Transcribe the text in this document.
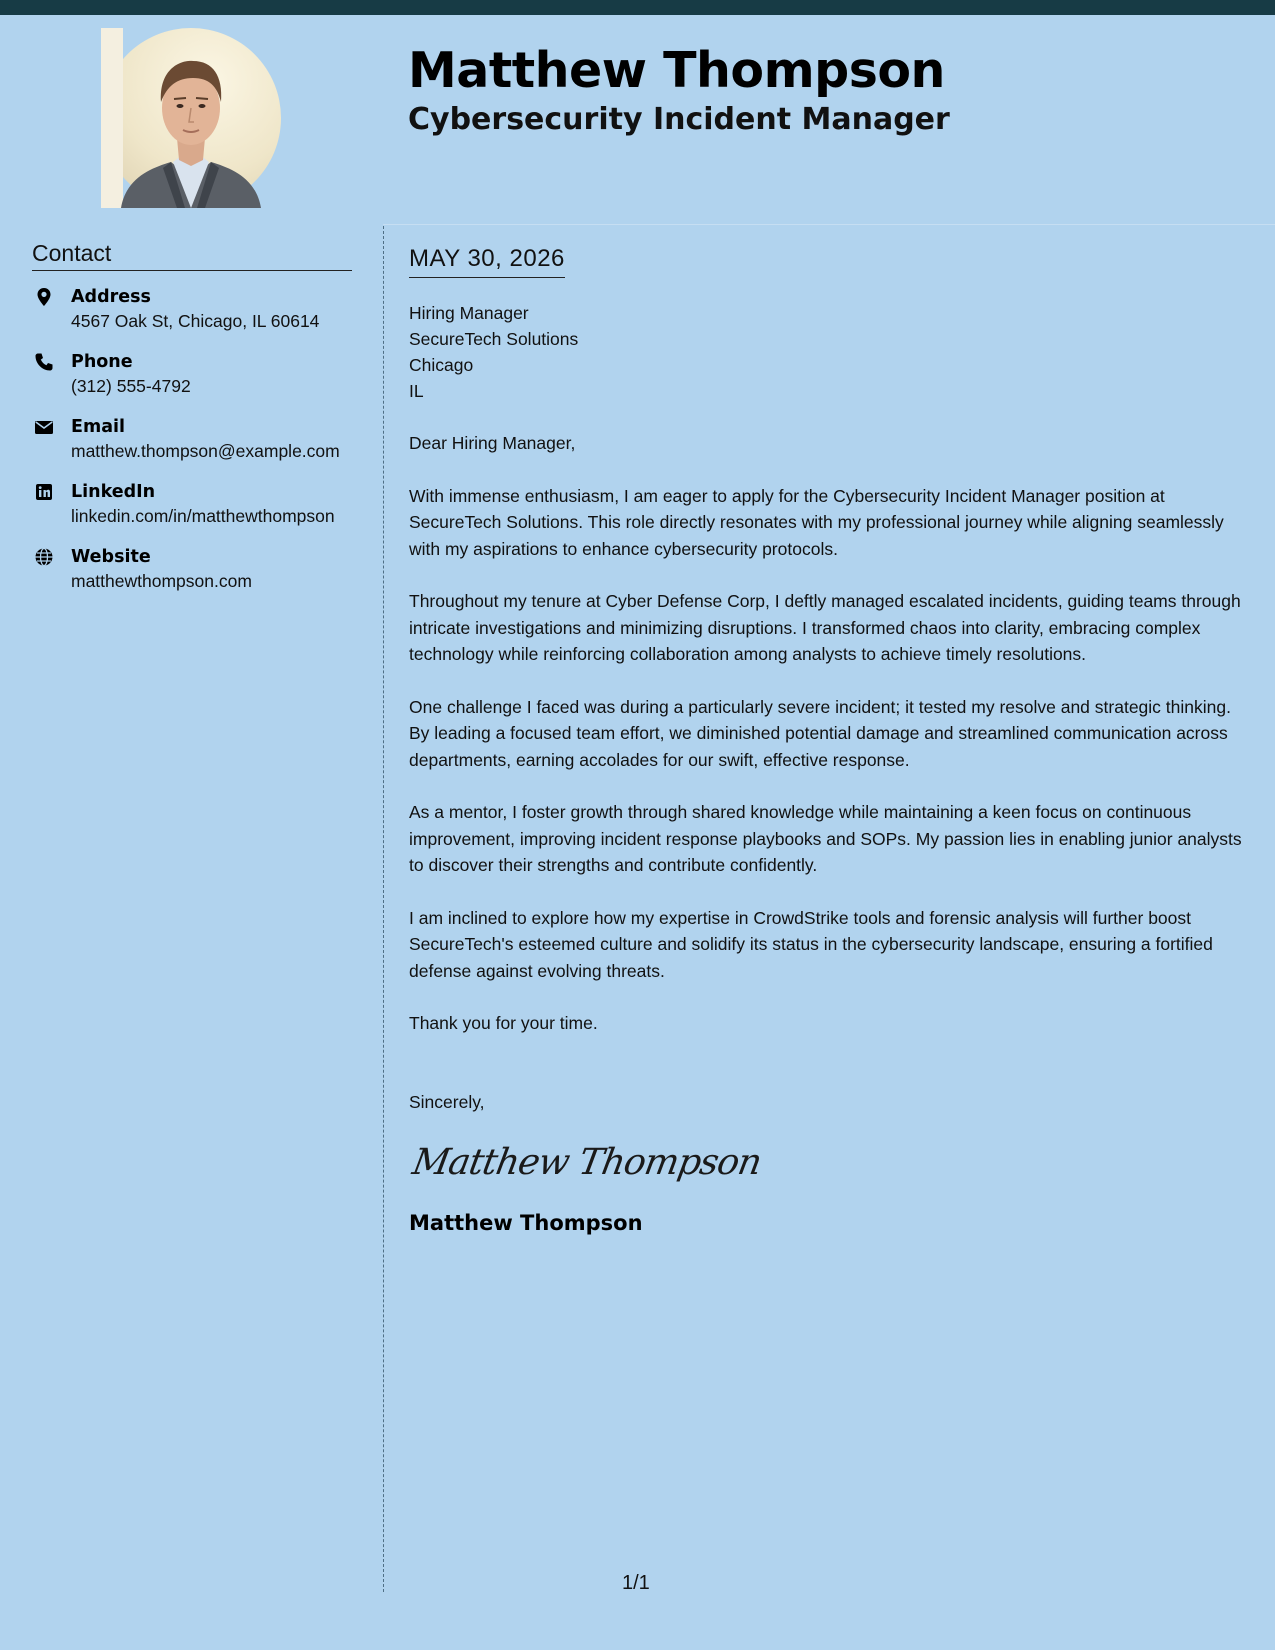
Matthew Thompson
Cybersecurity Incident Manager
Contact
Address
4567 Oak St, Chicago, IL 60614
Phone
(312) 555-4792
Email
matthew.thompson@example.com
LinkedIn
linkedin.com/in/matthewthompson
Website
matthewthompson.com
MAY 30, 2026
Hiring Manager
SecureTech Solutions
Chicago
IL

Dear Hiring Manager,

With immense enthusiasm, I am eager to apply for the Cybersecurity Incident Manager position at SecureTech Solutions. This role directly resonates with my professional journey while aligning seamlessly with my aspirations to enhance cybersecurity protocols.

Throughout my tenure at Cyber Defense Corp, I deftly managed escalated incidents, guiding teams through intricate investigations and minimizing disruptions. I transformed chaos into clarity, embracing complex technology while reinforcing collaboration among analysts to achieve timely resolutions.

One challenge I faced was during a particularly severe incident; it tested my resolve and strategic thinking. By leading a focused team effort, we diminished potential damage and streamlined communication across departments, earning accolades for our swift, effective response.

As a mentor, I foster growth through shared knowledge while maintaining a keen focus on continuous improvement, improving incident response playbooks and SOPs. My passion lies in enabling junior analysts to discover their strengths and contribute confidently.

I am inclined to explore how my expertise in CrowdStrike tools and forensic analysis will further boost SecureTech's esteemed culture and solidify its status in the cybersecurity landscape, ensuring a fortified defense against evolving threats.

Thank you for your time.

Sincerely,

Matthew Thompson
Matthew Thompson
1/1
